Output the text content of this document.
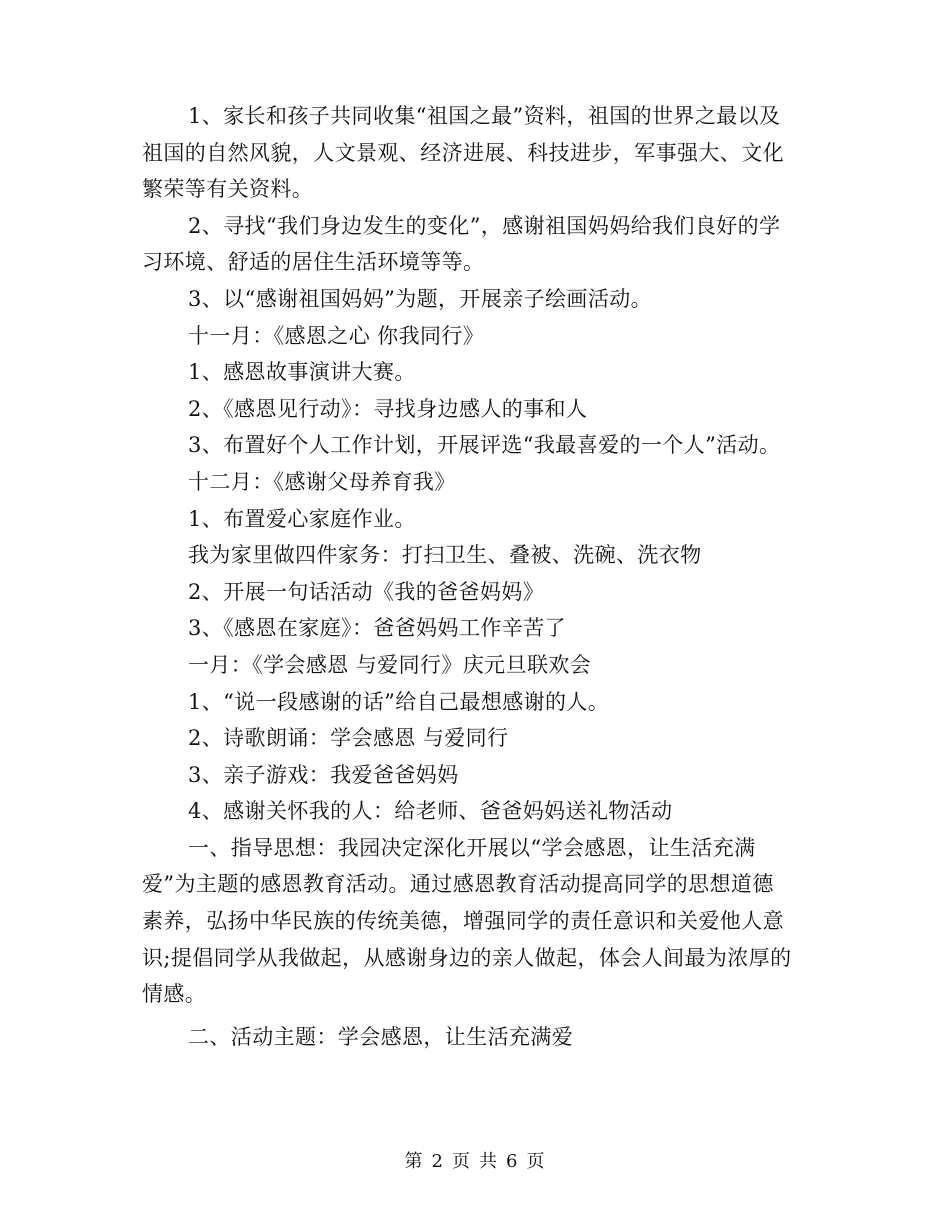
1、家长和孩子共同收集“祖国之最”资料，祖国的世界之最以及
祖国的自然风貌，人文景观、经济进展、科技进步，军事强大、文化
繁荣等有关资料。
2、寻找“我们身边发生的变化”，感谢祖国妈妈给我们良好的学
习环境、舒适的居住生活环境等等。
3、以“感谢祖国妈妈”为题，开展亲子绘画活动。
十一月：《感恩之心 你我同行》
1、感恩故事演讲大赛。
2、《感恩见行动》：寻找身边感人的事和人
3、布置好个人工作计划，开展评选“我最喜爱的一个人”活动。
十二月：《感谢父母养育我》
1、布置爱心家庭作业。
我为家里做四件家务：打扫卫生、叠被、洗碗、洗衣物
2、开展一句话活动《我的爸爸妈妈》
3、《感恩在家庭》：爸爸妈妈工作辛苦了
一月：《学会感恩 与爱同行》庆元旦联欢会
1、“说一段感谢的话”给自己最想感谢的人。
2、诗歌朗诵：学会感恩 与爱同行
3、亲子游戏：我爱爸爸妈妈
4、感谢关怀我的人：给老师、爸爸妈妈送礼物活动
一、指导思想：我园决定深化开展以“学会感恩，让生活充满
爱”为主题的感恩教育活动。通过感恩教育活动提高同学的思想道德
素养，弘扬中华民族的传统美德，增强同学的责任意识和关爱他人意
识;提倡同学从我做起，从感谢身边的亲人做起，体会人间最为浓厚的
情感。
二、活动主题：学会感恩，让生活充满爱
第 2 页 共 6 页
